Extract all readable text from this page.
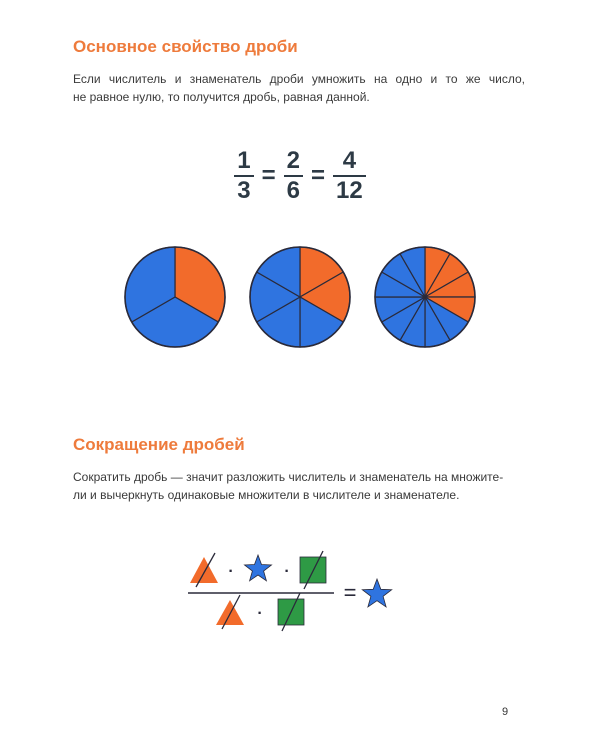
Основное свойство дроби

Если числитель и знаменатель дроби умножить на одно и то же число,
не равное нулю, то получится дробь, равная данной.

$\frac{1}{3} = \frac{2}{6} = \frac{4}{12}$
Сокращение дробей

Сократить дробь — значит разложить числитель и знаменатель на множите-
ли и вычеркнуть одинаковые множители в числителе и знаменателе.

·	·
·
=
9
